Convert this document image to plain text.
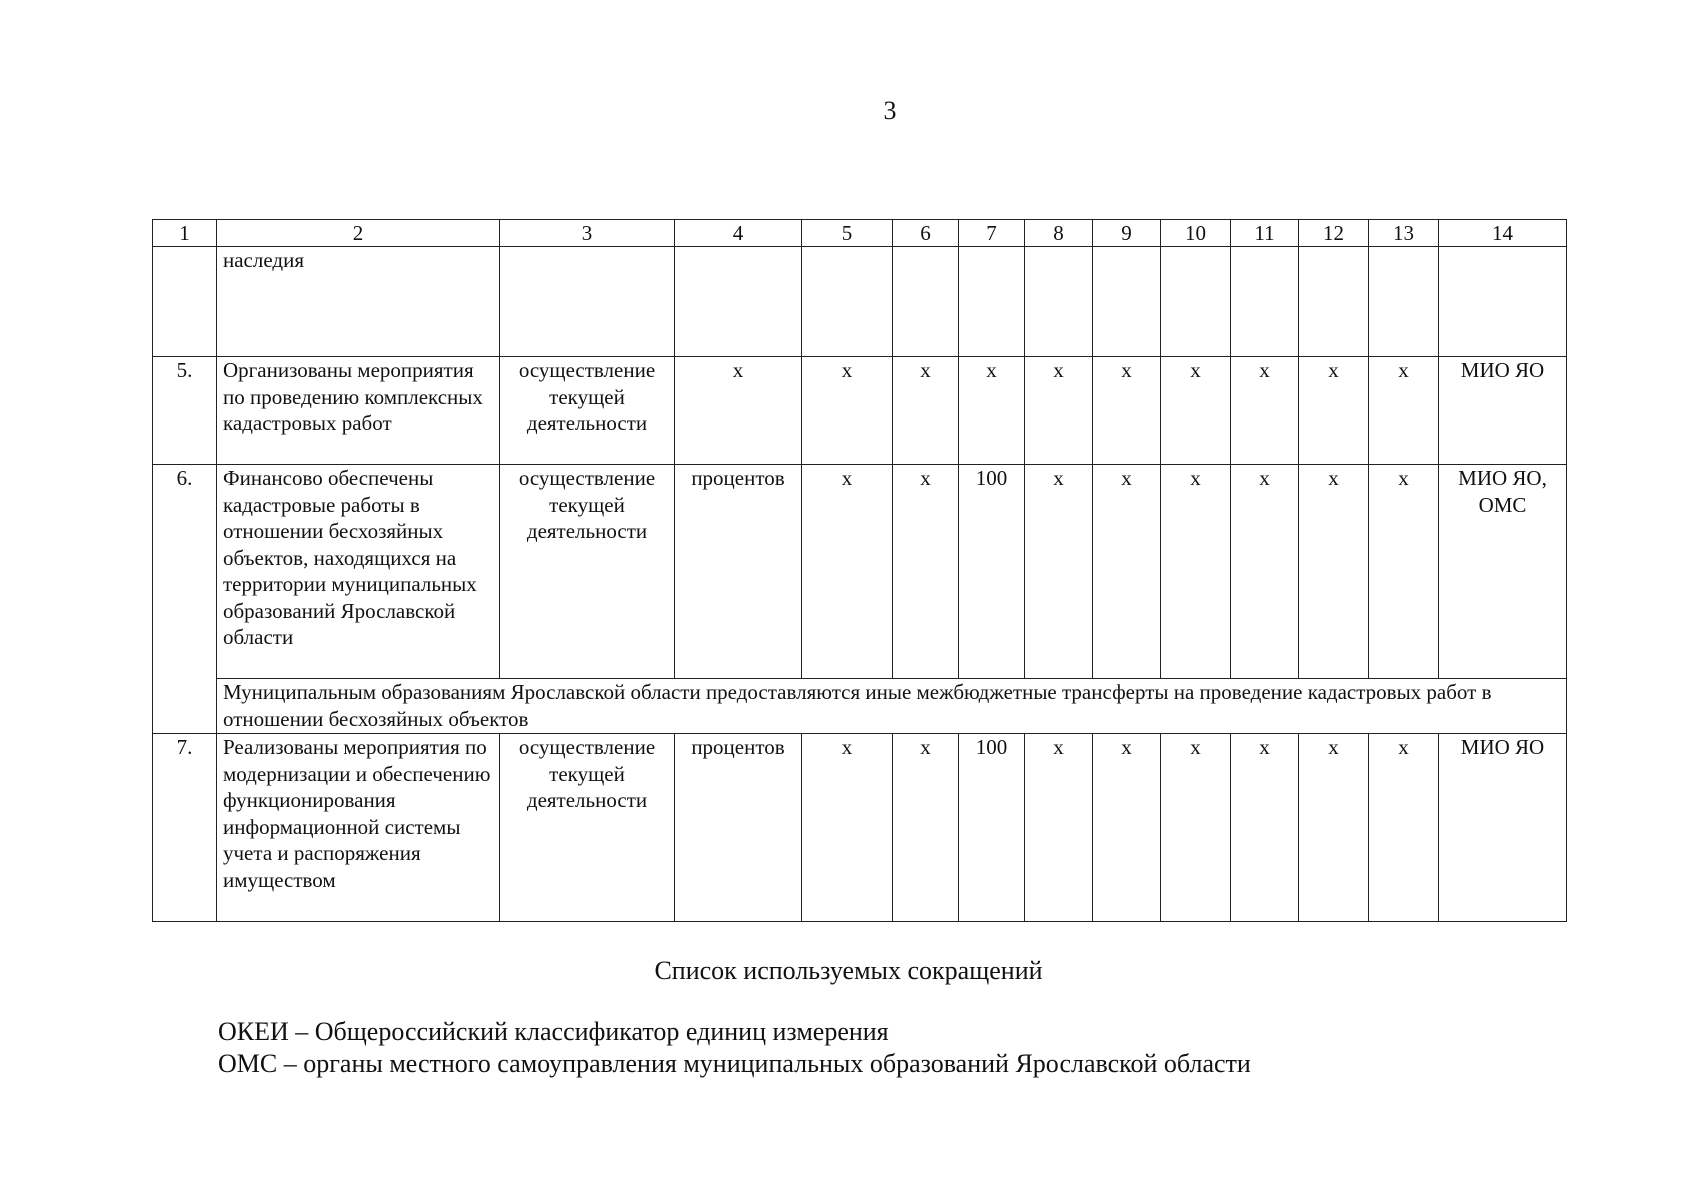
3
1	2	3	4	5	6	7	8	9	10	11	12	13	14
	наследия												
5.	Организованы мероприятия по проведению комплексных кадастровых работ	осуществление текущей деятельности	х	х	х	х	х	х	х	х	х	х	МИО ЯО
6.	Финансово обеспечены кадастровые работы в отношении бесхозяйных объектов, находящихся на территории муниципальных образований Ярославской области	осуществление текущей деятельности	процентов	х	х	100	х	х	х	х	х	х	МИО ЯО, ОМС
	Муниципальным образованиям Ярославской области предоставляются иные межбюджетные трансферты на проведение кадастровых работ в отношении бесхозяйных объектов												
7.	Реализованы мероприятия по модернизации и обеспечению функционирования информационной системы учета и распоряжения имуществом	осуществление текущей деятельности	процентов	х	х	100	х	х	х	х	х	х	МИО ЯО
Список используемых сокращений
ОКЕИ – Общероссийский классификатор единиц измерения
ОМС – органы местного самоуправления муниципальных образований Ярославской области
